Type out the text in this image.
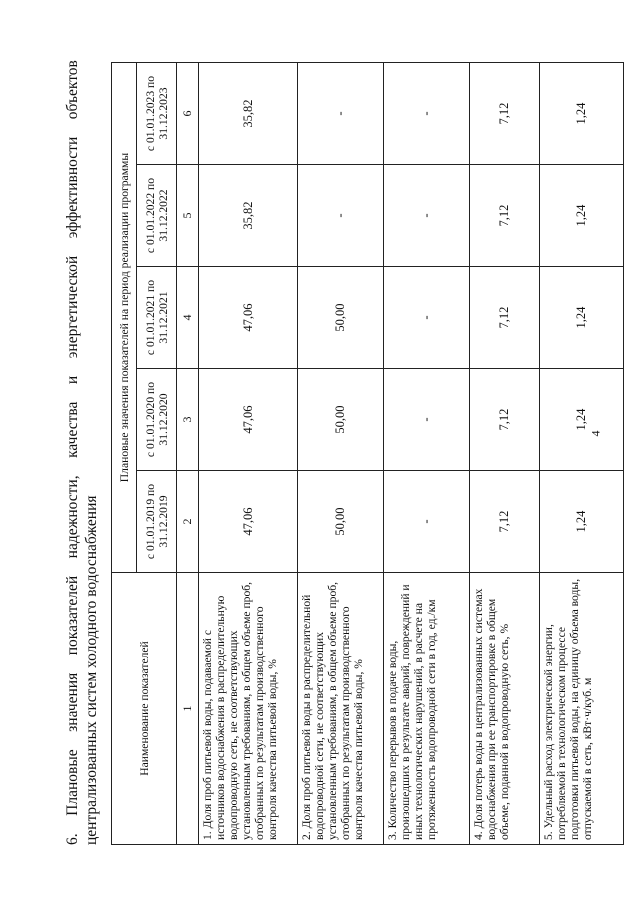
4
6.
Плановые
значения
показателей
надежности,
качества
и
энергетической
эффективности
объектов
централизованных систем холодного водоснабжения	Наименование показателей	Плановые значения показателей на период реализации программы				
	с 01.01.2019 по 31.12.2019	с 01.01.2020 по 31.12.2020	с 01.01.2021 по 31.12.2021	с 01.01.2022 по 31.12.2022	с 01.01.2023 по 31.12.2023
1	2	3	4	5	6
1. Доля проб питьевой воды, подаваемой с источников водоснабжения в распределительную водопроводную сеть, не соответствующих установленным требованиям, в общем объеме проб, отобранных по результатам производственного контроля качества питьевой воды, %	47,06	47,06	47,06	35,82	35,82
2. Доля проб питьевой воды в распределительной водопроводной сети, не соответствующих установленным требованиям, в общем объеме проб, отобранных по результатам производственного контроля качества питьевой воды, %	50,00	50,00	50,00	-	-
3. Количество перерывов в подаче воды, произошедших в результате аварий, повреждений и иных технологических нарушений, в расчете на протяженность водопроводной сети в год, ед./км	-	-	-	-	-
4. Доля потерь воды в централизованных системах водоснабжения при ее транспортировке в общем объеме, поданной в водопроводную сеть, %	7,12	7,12	7,12	7,12	7,12
5. Удельный расход электрической энергии, потребляемой в технологическом процессе подготовки питьевой воды, на единицу объема воды, отпускаемой в сеть, кВт·ч/куб. м	1,24	1,24	1,24	1,24	1,24
